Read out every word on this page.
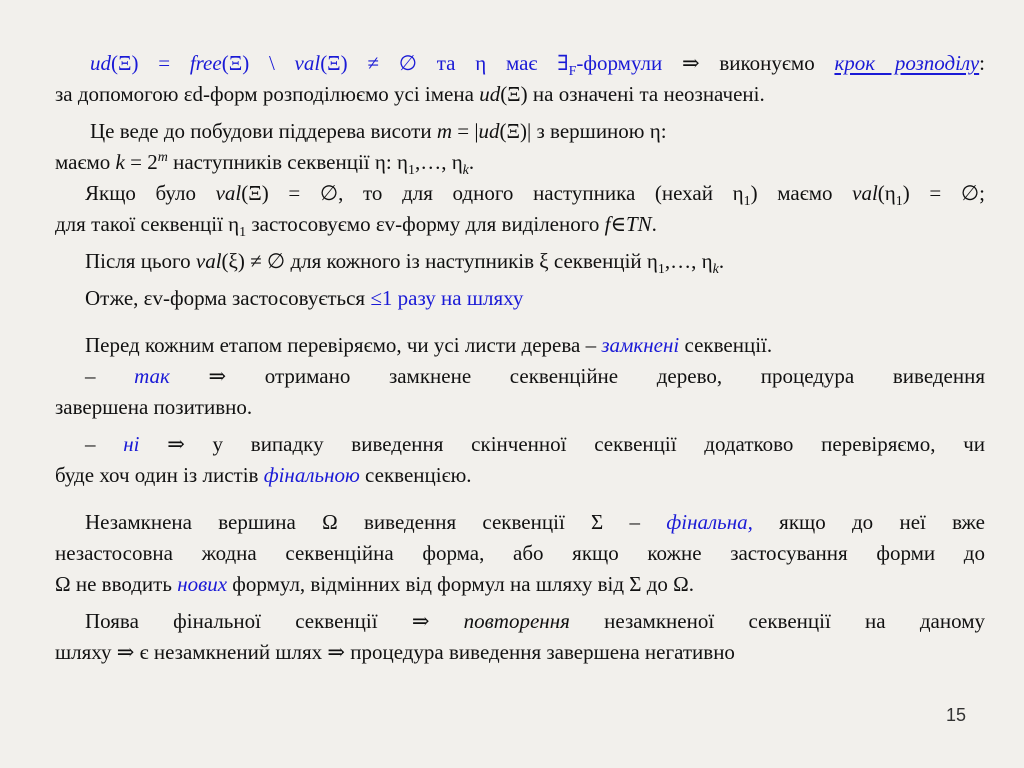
ud(Ξ) = free(Ξ) \ val(Ξ) ≠ ∅ та η має $\exists_F$-формули ⇒ виконуємо крок розподілу:
за допомогою εd-форм розподілюємо усі імена ud(Ξ) на означені та неозначені.
Це веде до побудови піддерева висоти m = |ud(Ξ)| з вершиною η:
маємо $k = 2^m$ наступників секвенції η: $\eta_1,\dots$, $\eta_k$.
Якщо було val(Ξ) = ∅, то для одного наступника (нехай $\eta_1$) маємо $val(\eta_1)$ = ∅;
для такої секвенції $\eta_1$ застосовуємо εv-форму для виділеного f∈TN.
Після цього val(ξ) ≠ ∅ для кожного із наступників ξ секвенцій $\eta_1,\dots$, $\eta_k$.
Отже, εv-форма застосовується ≤1 разу на шляху
Перед кожним етапом перевіряємо, чи усі листи дерева – замкнені секвенції.
– так ⇒ отримано замкнене секвенційне дерево, процедура виведення
завершена позитивно.
– ні ⇒ у випадку виведення скінченної секвенції додатково перевіряємо, чи
буде хоч один із листів фінальною секвенцією.
Незамкнена вершина Ω виведення секвенції Σ – фінальна, якщо до неї вже
незастосовна жодна секвенційна форма, або якщо кожне застосування форми до
Ω не вводить нових формул, відмінних від формул на шляху від Σ до Ω.
Поява фінальної секвенції ⇒ повторення незамкненої секвенції на даному
шляху ⇒ є незамкнений шлях ⇒ процедура виведення завершена негативно
15
